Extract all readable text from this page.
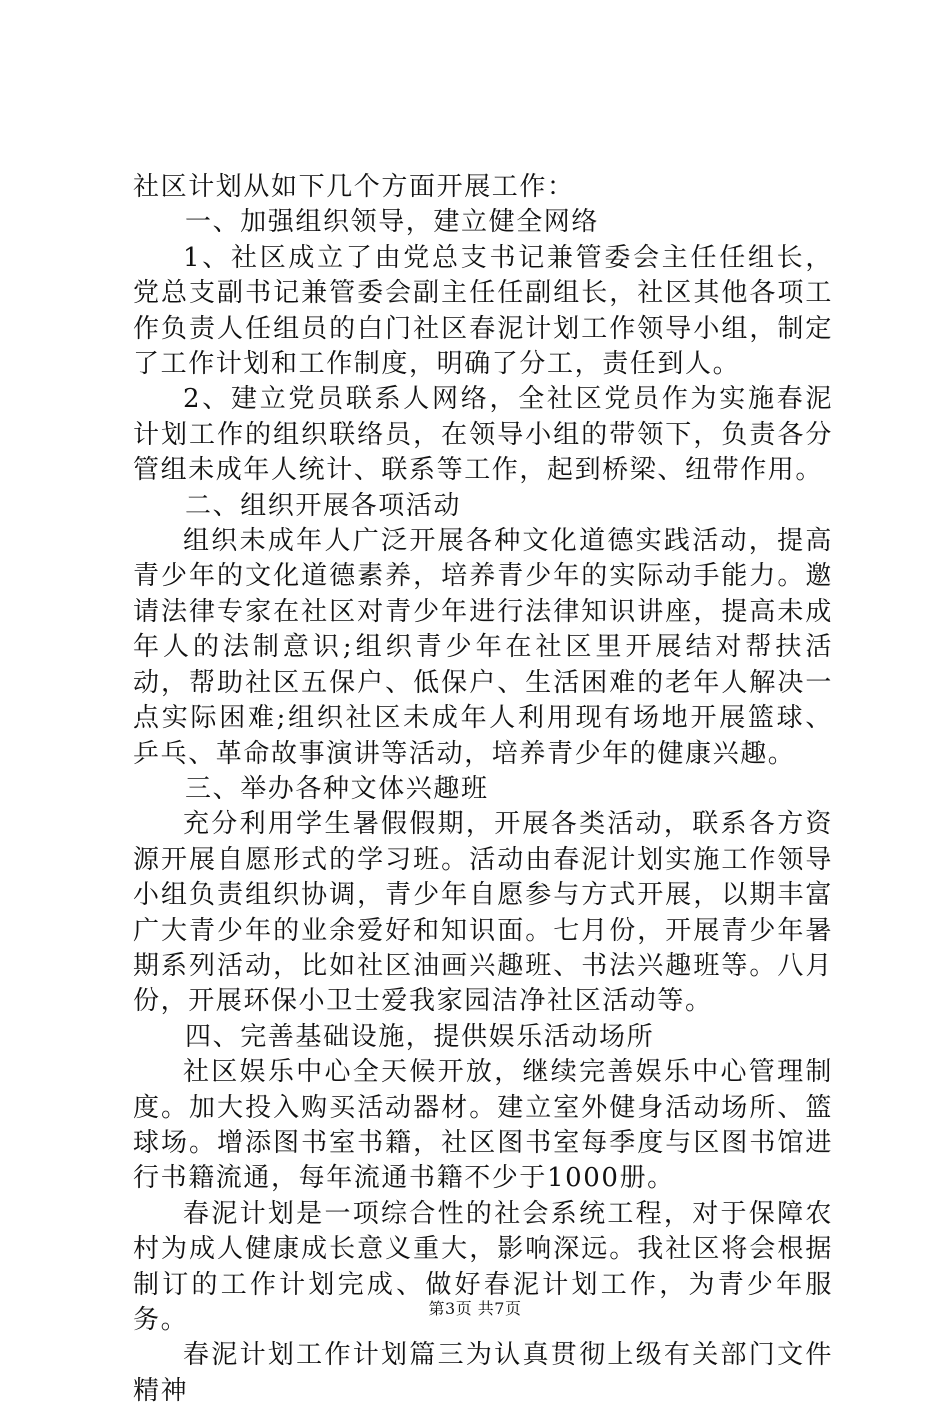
社区计划从如下几个方面开展工作：

一、加强组织领导，建立健全网络

1、社区成立了由党总支书记兼管委会主任任组长，党总支副书记兼管委会副主任任副组长，社区其他各项工作负责人任组员的白门社区春泥计划工作领导小组，制定了工作计划和工作制度，明确了分工，责任到人。

2、建立党员联系人网络，全社区党员作为实施春泥计划工作的组织联络员，在领导小组的带领下，负责各分管组未成年人统计、联系等工作，起到桥梁、纽带作用。

二、组织开展各项活动

组织未成年人广泛开展各种文化道德实践活动，提高青少年的文化道德素养，培养青少年的实际动手能力。邀请法律专家在社区对青少年进行法律知识讲座，提高未成年人的法制意识;组织青少年在社区里开展结对帮扶活动，帮助社区五保户、低保户、生活困难的老年人解决一点实际困难;组织社区未成年人利用现有场地开展篮球、乒乓、革命故事演讲等活动，培养青少年的健康兴趣。

三、举办各种文体兴趣班

充分利用学生暑假假期，开展各类活动，联系各方资源开展自愿形式的学习班。活动由春泥计划实施工作领导小组负责组织协调，青少年自愿参与方式开展，以期丰富广大青少年的业余爱好和知识面。七月份，开展青少年暑期系列活动，比如社区油画兴趣班、书法兴趣班等。八月份，开展环保小卫士爱我家园洁净社区活动等。

四、完善基础设施，提供娱乐活动场所

社区娱乐中心全天候开放，继续完善娱乐中心管理制度。加大投入购买活动器材。建立室外健身活动场所、篮球场。增添图书室书籍，社区图书室每季度与区图书馆进行书籍流通，每年流通书籍不少于1000册。

春泥计划是一项综合性的社会系统工程，对于保障农村为成人健康成长意义重大，影响深远。我社区将会根据制订的工作计划完成、做好春泥计划工作，为青少年服务。

春泥计划工作计划篇三为认真贯彻上级有关部门文件精神

第3页 共7页
